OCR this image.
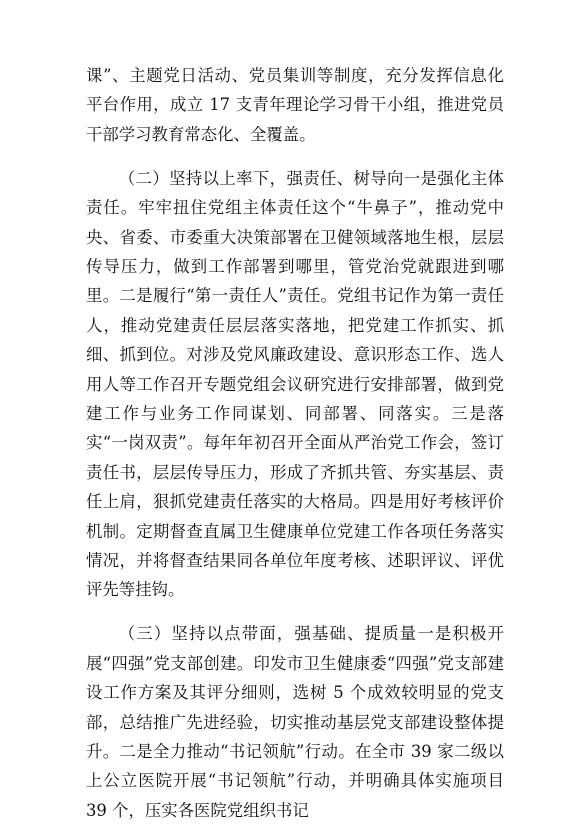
课”、主题党日活动、党员集训等制度，充分发挥信息化平台作用，成立 17 支青年理论学习骨干小组，推进党员干部学习教育常态化、全覆盖。

（二）坚持以上率下，强责任、树导向一是强化主体责任。牢牢扭住党组主体责任这个“牛鼻子”，推动党中央、省委、市委重大决策部署在卫健领域落地生根，层层传导压力，做到工作部署到哪里，管党治党就跟进到哪里。二是履行“第一责任人”责任。党组书记作为第一责任人，推动党建责任层层落实落地，把党建工作抓实、抓细、抓到位。对涉及党风廉政建设、意识形态工作、选人用人等工作召开专题党组会议研究进行安排部署，做到党建工作与业务工作同谋划、同部署、同落实。三是落实“一岗双责”。每年年初召开全面从严治党工作会，签订责任书，层层传导压力，形成了齐抓共管、夯实基层、责任上肩，狠抓党建责任落实的大格局。四是用好考核评价机制。定期督查直属卫生健康单位党建工作各项任务落实情况，并将督查结果同各单位年度考核、述职评议、评优评先等挂钩。

（三）坚持以点带面，强基础、提质量一是积极开展“四强”党支部创建。印发市卫生健康委“四强”党支部建设工作方案及其评分细则，选树 5 个成效较明显的党支部，总结推广先进经验，切实推动基层党支部建设整体提升。二是全力推动“书记领航”行动。在全市 39 家二级以上公立医院开展“书记领航”行动，并明确具体实施项目 39 个，压实各医院党组织书记
